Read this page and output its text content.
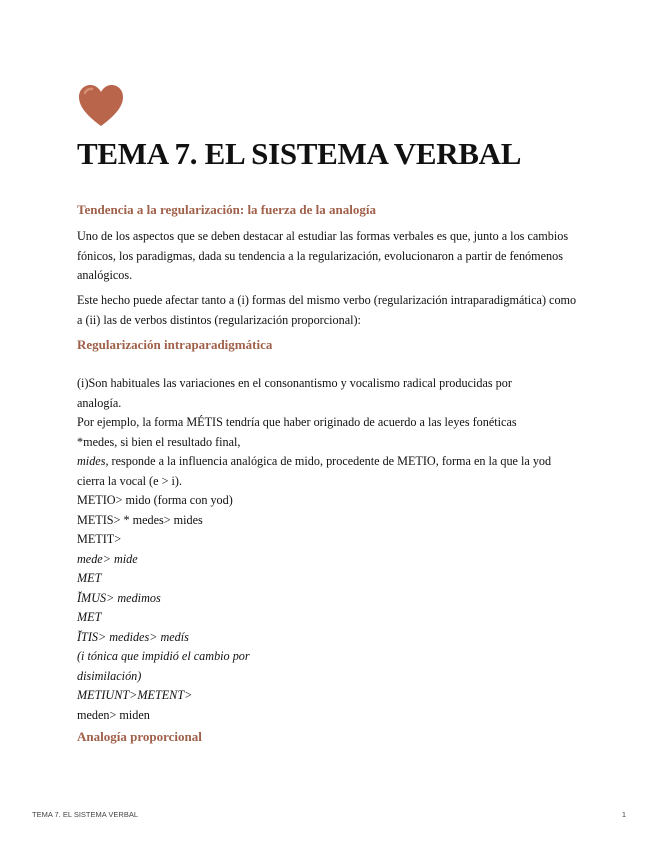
TEMA 7. EL SISTEMA VERBAL
Tendencia a la regularización: la fuerza de la analogía

Uno de los aspectos que se deben destacar al estudiar las formas verbales es que, junto a los cambios fónicos, los paradigmas, dada su tendencia a la regularización, evolucionaron a partir de fenómenos analógicos.

Este hecho puede afectar tanto a (i) formas del mismo verbo (regularización intraparadigmática) como a (ii) las de verbos distintos (regularización proporcional):

Regularización intraparadigmática

(i)Son habituales las variaciones en el consonantismo y vocalismo radical producidas por

analogía.

Por ejemplo, la forma MÉTIS tendría que haber originado de acuerdo a las leyes fonéticas

*medes, si bien el resultado final,

mides, responde a la influencia analógica de mido, procedente de METIO, forma en la que la yod

cierra la vocal (e > i).

METIO> mido (forma con yod)

METIS> * medes> mides

METIT>

mede> mide

MET

ĬMUS> medimos

MET

ĬTIS> medides> medís

(i tónica que impidió el cambio por

disimilación)

METIUNT>METENT>

meden> miden

Analogía proporcional
TEMA 7. EL SISTEMA VERBAL	1
